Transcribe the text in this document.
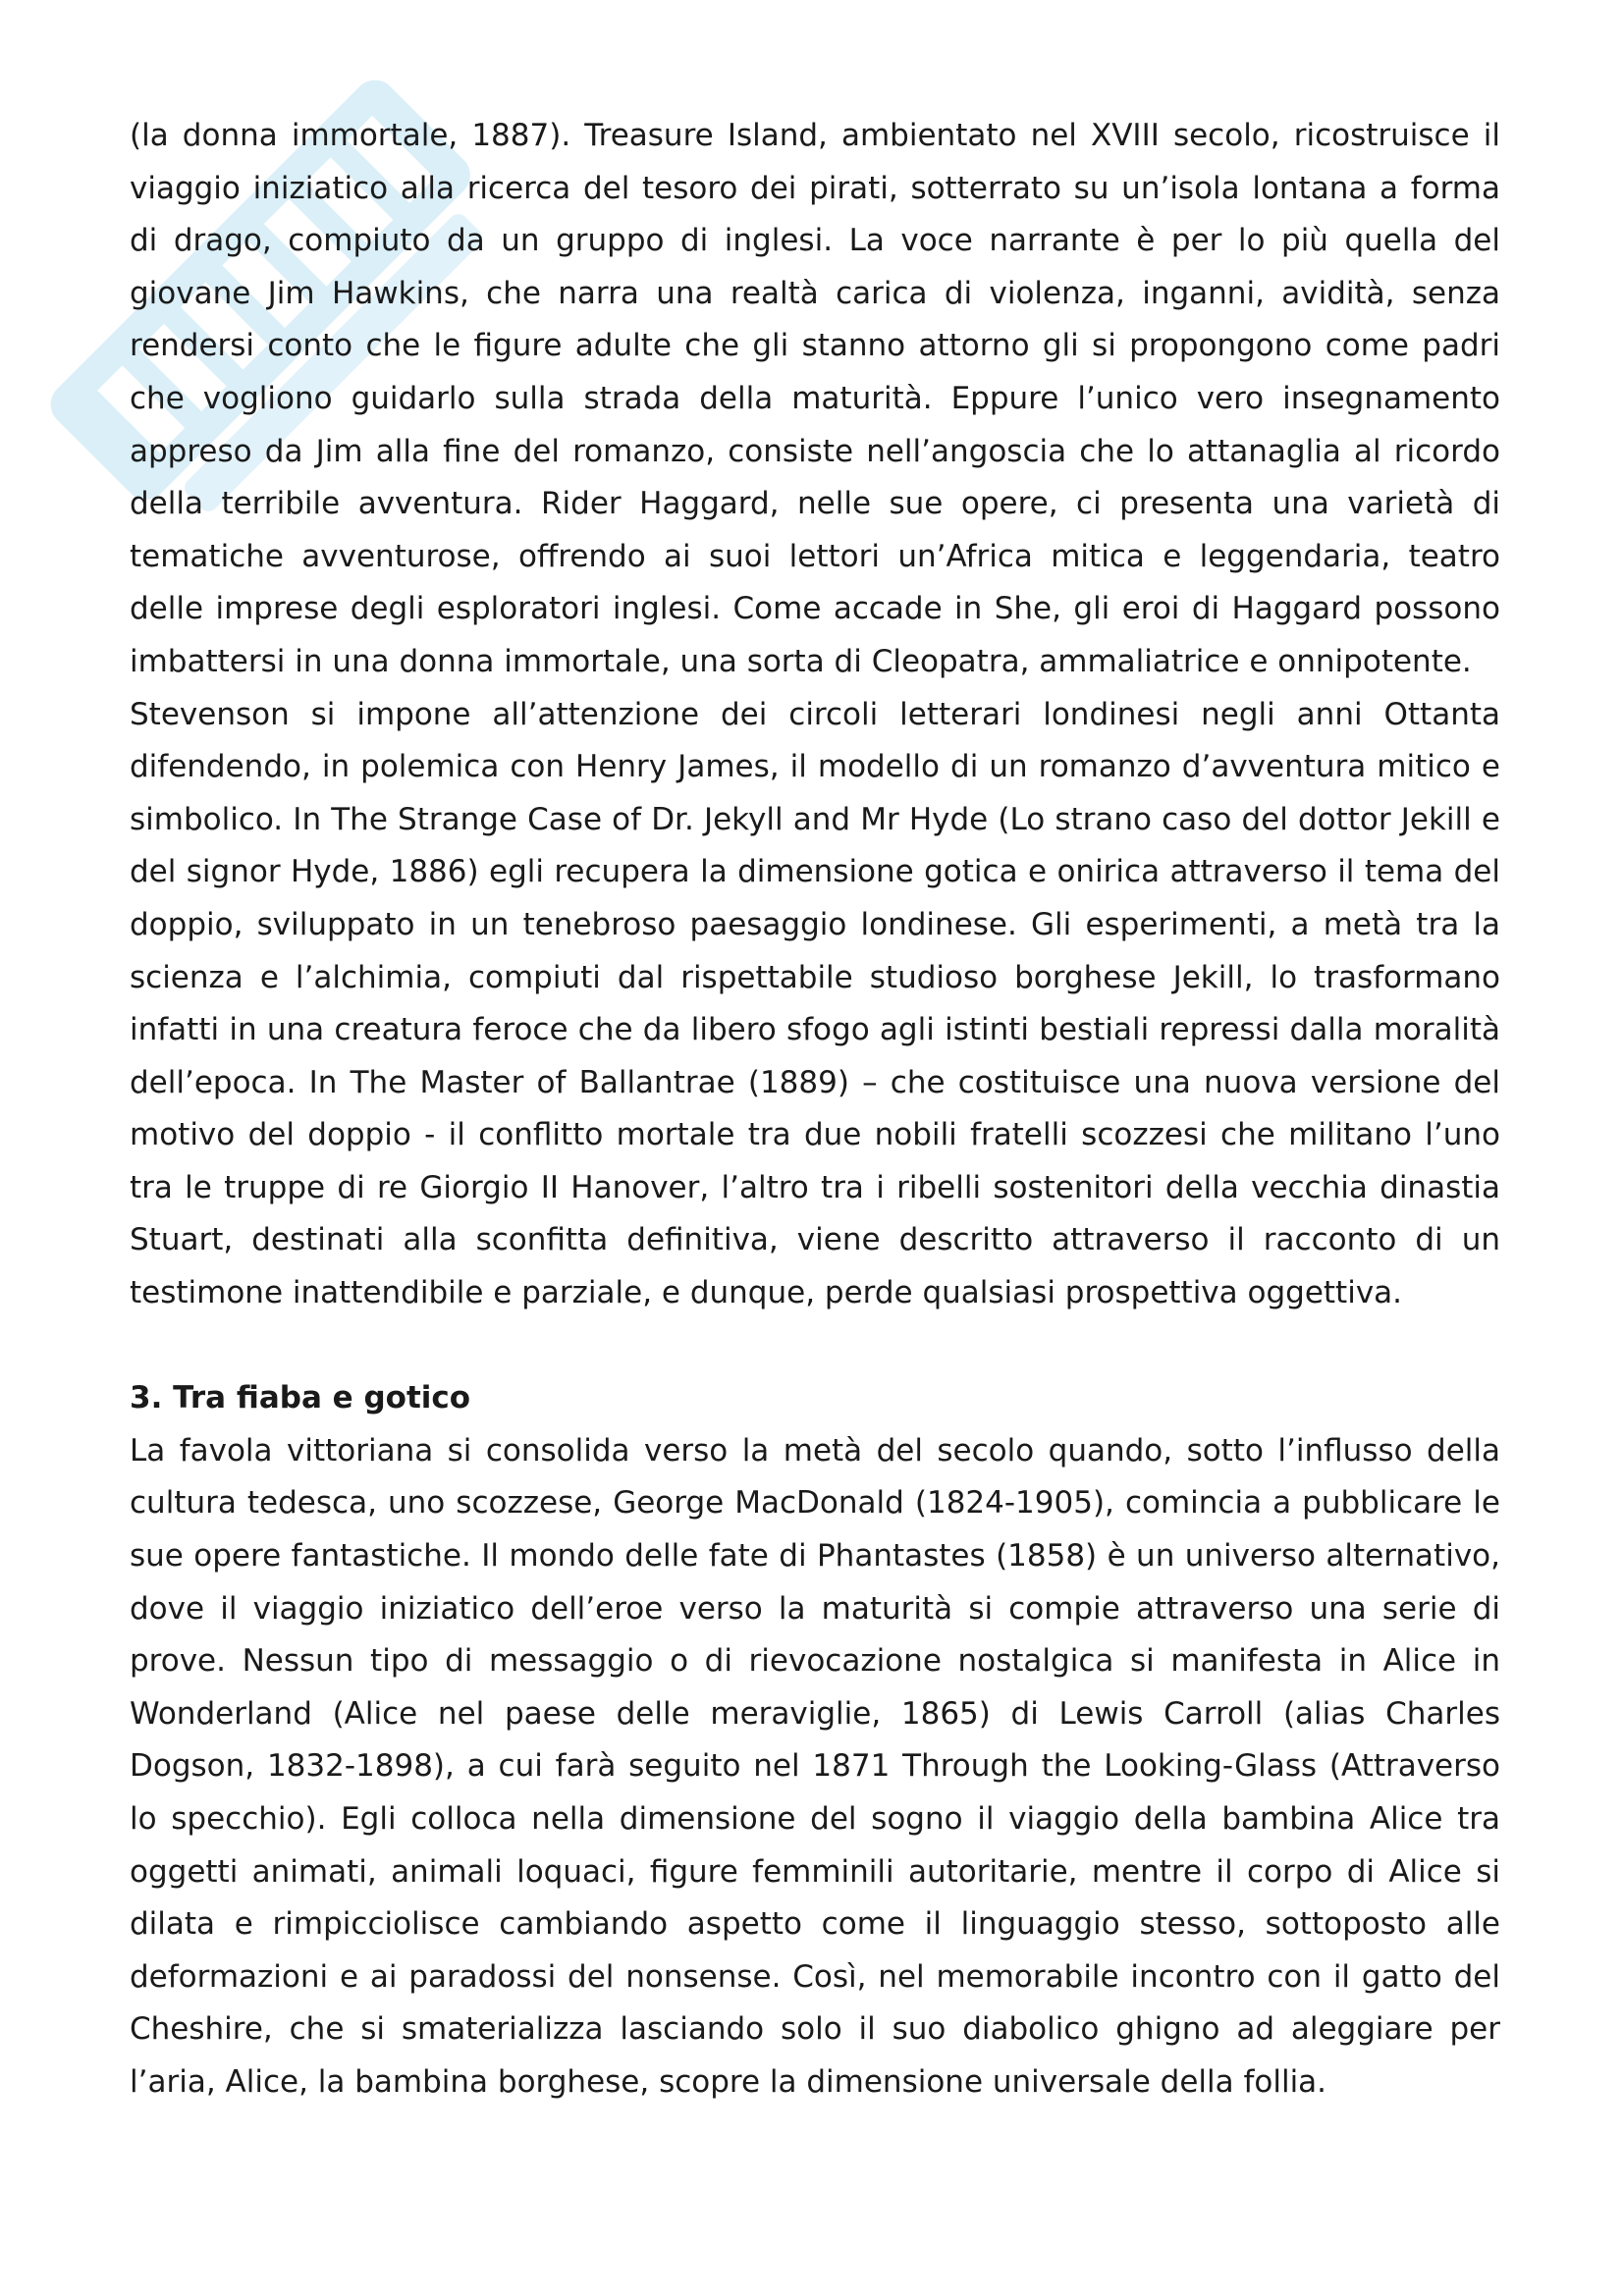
(la donna immortale, 1887). Treasure Island, ambientato nel XVIII secolo, ricostruisce il viaggio iniziatico alla ricerca del tesoro dei pirati, sotterrato su un’isola lontana a forma di drago, compiuto da un gruppo di inglesi. La voce narrante è per lo più quella del giovane Jim Hawkins, che narra una realtà carica di violenza, inganni, avidità, senza rendersi conto che le figure adulte che gli stanno attorno gli si propongono come padri che vogliono guidarlo sulla strada della maturità. Eppure l’unico vero insegnamento appreso da Jim alla fine del romanzo, consiste nell’angoscia che lo attanaglia al ricordo della terribile avventura. Rider Haggard, nelle sue opere, ci presenta una varietà di tematiche avventurose, offrendo ai suoi lettori un’Africa mitica e leggendaria, teatro delle imprese degli esploratori inglesi. Come accade in She, gli eroi di Haggard possono imbattersi in una donna immortale, una sorta di Cleopatra, ammaliatrice e onnipotente.

Stevenson si impone all’attenzione dei circoli letterari londinesi negli anni Ottanta difendendo, in polemica con Henry James, il modello di un romanzo d’avventura mitico e simbolico. In The Strange Case of Dr. Jekyll and Mr Hyde (Lo strano caso del dottor Jekill e del signor Hyde, 1886) egli recupera la dimensione gotica e onirica attraverso il tema del doppio, sviluppato in un tenebroso paesaggio londinese. Gli esperimenti, a metà tra la scienza e l’alchimia, compiuti dal rispettabile studioso borghese Jekill, lo trasformano infatti in una creatura feroce che da libero sfogo agli istinti bestiali repressi dalla moralità dell’epoca. In The Master of Ballantrae (1889) – che costituisce una nuova versione del motivo del doppio - il conflitto mortale tra due nobili fratelli scozzesi che militano l’uno tra le truppe di re Giorgio II Hanover, l’altro tra i ribelli sostenitori della vecchia dinastia Stuart, destinati alla sconfitta definitiva, viene descritto attraverso il racconto di un testimone inattendibile e parziale, e dunque, perde qualsiasi prospettiva oggettiva.

3. Tra fiaba e gotico

La favola vittoriana si consolida verso la metà del secolo quando, sotto l’influsso della cultura tedesca, uno scozzese, George MacDonald (1824-1905), comincia a pubblicare le sue opere fantastiche. Il mondo delle fate di Phantastes (1858) è un universo alternativo, dove il viaggio iniziatico dell’eroe verso la maturità si compie attraverso una serie di prove. Nessun tipo di messaggio o di rievocazione nostalgica si manifesta in Alice in Wonderland (Alice nel paese delle meraviglie, 1865) di Lewis Carroll (alias Charles Dogson, 1832-1898), a cui farà seguito nel 1871 Through the Looking-Glass (Attraverso lo specchio). Egli colloca nella dimensione del sogno il viaggio della bambina Alice tra oggetti animati, animali loquaci, figure femminili autoritarie, mentre il corpo di Alice si dilata e rimpicciolisce cambiando aspetto come il linguaggio stesso, sottoposto alle deformazioni e ai paradossi del nonsense. Così, nel memorabile incontro con il gatto del Cheshire, che si smaterializza lasciando solo il suo diabolico ghigno ad aleggiare per l’aria, Alice, la bambina borghese, scopre la dimensione universale della follia.
